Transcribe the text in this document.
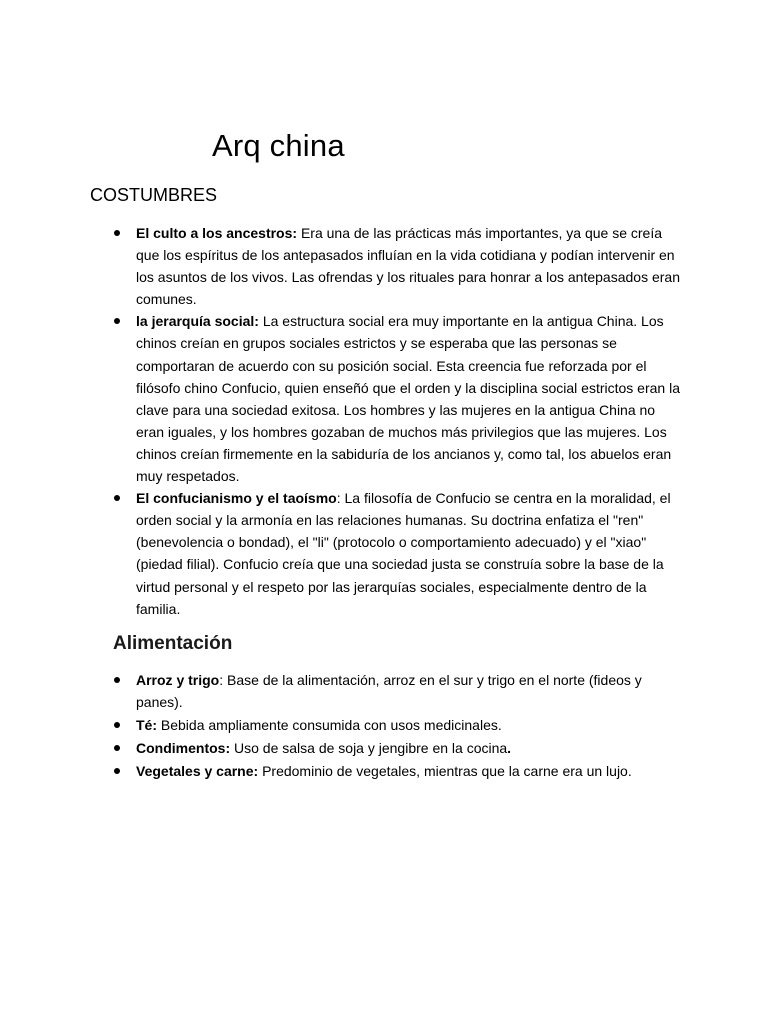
Arq china
COSTUMBRES
El culto a los ancestros: Era una de las prácticas más importantes, ya que se creía que los espíritus de los antepasados influían en la vida cotidiana y podían intervenir en los asuntos de los vivos. Las ofrendas y los rituales para honrar a los antepasados eran comunes.
la jerarquía social: La estructura social era muy importante en la antigua China. Los chinos creían en grupos sociales estrictos y se esperaba que las personas se comportaran de acuerdo con su posición social. Esta creencia fue reforzada por el filósofo chino Confucio, quien enseñó que el orden y la disciplina social estrictos eran la clave para una sociedad exitosa. Los hombres y las mujeres en la antigua China no eran iguales, y los hombres gozaban de muchos más privilegios que las mujeres. Los chinos creían firmemente en la sabiduría de los ancianos y, como tal, los abuelos eran muy respetados.
El confucianismo y el taoísmo: La filosofía de Confucio se centra en la moralidad, el orden social y la armonía en las relaciones humanas. Su doctrina enfatiza el "ren" (benevolencia o bondad), el "li" (protocolo o comportamiento adecuado) y el "xiao" (piedad filial). Confucio creía que una sociedad justa se construía sobre la base de la virtud personal y el respeto por las jerarquías sociales, especialmente dentro de la familia.
Alimentación
Arroz y trigo: Base de la alimentación, arroz en el sur y trigo en el norte (fideos y panes).
Té: Bebida ampliamente consumida con usos medicinales.
Condimentos: Uso de salsa de soja y jengibre en la cocina.
Vegetales y carne: Predominio de vegetales, mientras que la carne era un lujo.
